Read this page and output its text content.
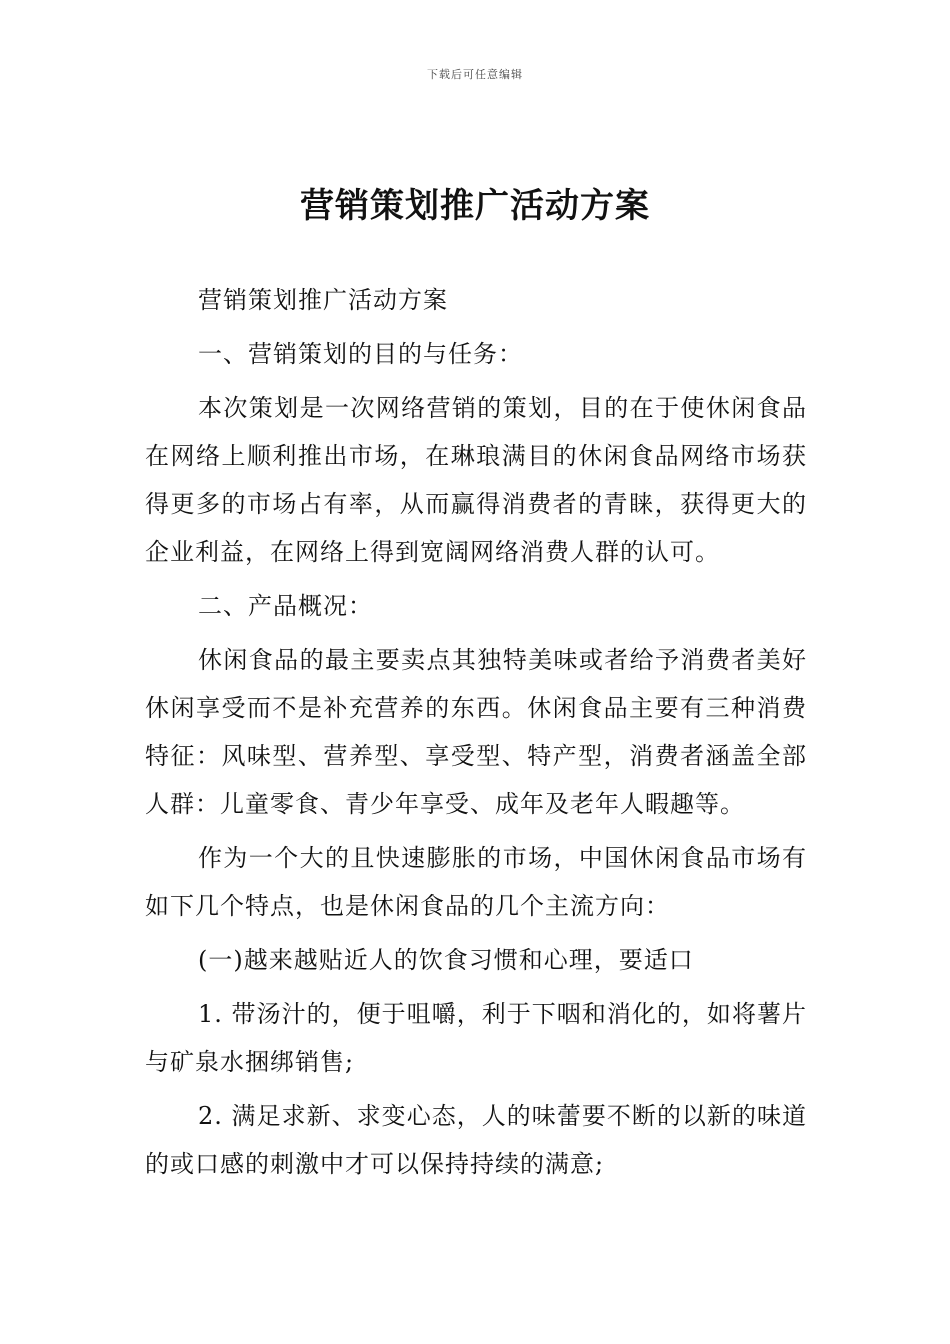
下载后可任意编辑
营销策划推广活动方案

营销策划推广活动方案

一、营销策划的目的与任务：

本次策划是一次网络营销的策划，目的在于使休闲食品在网络上顺利推出市场，在琳琅满目的休闲食品网络市场获得更多的市场占有率，从而赢得消费者的青睐，获得更大的企业利益，在网络上得到宽阔网络消费人群的认可。

二、产品概况：

休闲食品的最主要卖点其独特美味或者给予消费者美好休闲享受而不是补充营养的东西。休闲食品主要有三种消费特征：风味型、营养型、享受型、特产型，消费者涵盖全部人群：儿童零食、青少年享受、成年及老年人暇趣等。

作为一个大的且快速膨胀的市场，中国休闲食品市场有如下几个特点，也是休闲食品的几个主流方向：

(一)越来越贴近人的饮食习惯和心理，要适口

1. 带汤汁的，便于咀嚼，利于下咽和消化的，如将薯片与矿泉水捆绑销售;

2. 满足求新、求变心态，人的味蕾要不断的以新的味道的或口感的刺激中才可以保持持续的满意;
